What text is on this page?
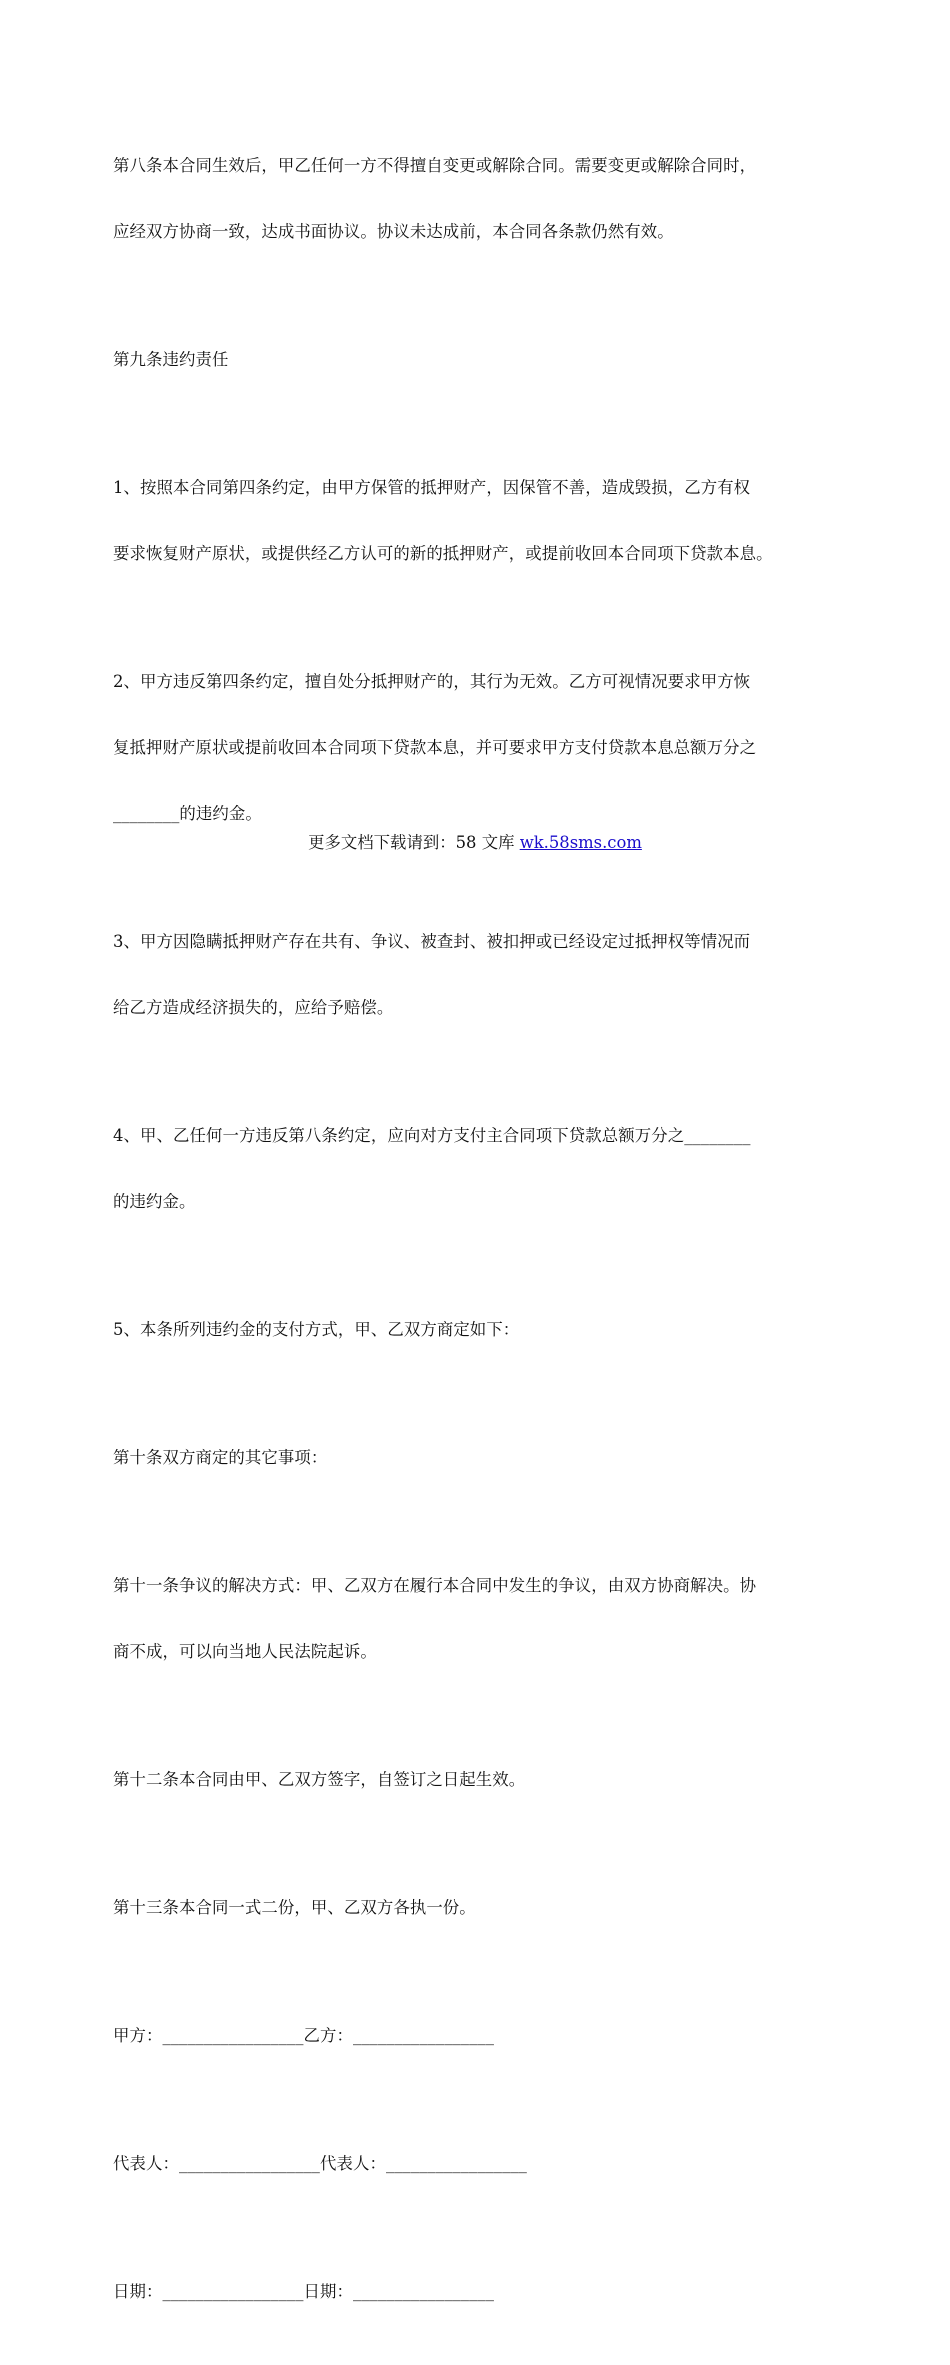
第八条本合同生效后，甲乙任何一方不得擅自变更或解除合同。需要变更或解除合同时，

应经双方协商一致，达成书面协议。协议未达成前，本合同各条款仍然有效。

第九条违约责任

1、按照本合同第四条约定，由甲方保管的抵押财产，因保管不善，造成毁损，乙方有权

要求恢复财产原状，或提供经乙方认可的新的抵押财产，或提前收回本合同项下贷款本息。

2、甲方违反第四条约定，擅自处分抵押财产的，其行为无效。乙方可视情况要求甲方恢

复抵押财产原状或提前收回本合同项下贷款本息，并可要求甲方支付贷款本息总额万分之

________的违约金。

3、甲方因隐瞒抵押财产存在共有、争议、被查封、被扣押或已经设定过抵押权等情况而

给乙方造成经济损失的，应给予赔偿。

4、甲、乙任何一方违反第八条约定，应向对方支付主合同项下贷款总额万分之________

的违约金。

5、本条所列违约金的支付方式，甲、乙双方商定如下：

第十条双方商定的其它事项：

第十一条争议的解决方式：甲、乙双方在履行本合同中发生的争议，由双方协商解决。协

商不成，可以向当地人民法院起诉。

第十二条本合同由甲、乙双方签字，自签订之日起生效。

第十三条本合同一式二份，甲、乙双方各执一份。

甲方：_________________乙方：_________________

代表人：_________________代表人：_________________

日期：_________________日期：_________________

更多文档下载请到：58 文库 wk.58sms.com
